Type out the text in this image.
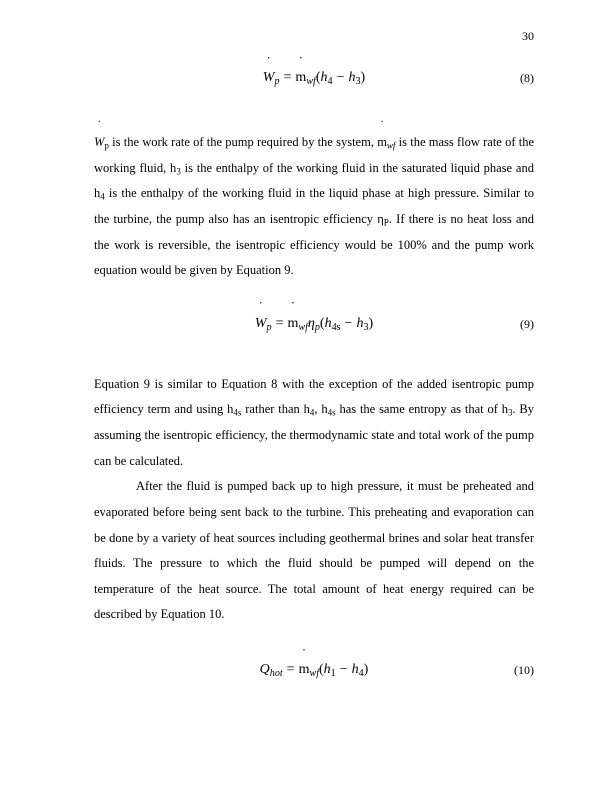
30
W $˙_p = m$ $˙_{wf}(h_4 - h_3)$	(8)

W $˙_p$ is the work rate of the pump required by the system, m $˙_{wf}$ is the mass flow rate of the working fluid, $h_3$ is the enthalpy of the working fluid in the saturated liquid phase and $h_4$ is the enthalpy of the working fluid in the liquid phase at high pressure. Similar to the turbine, the pump also has an isentropic efficiency $\eta_P$. If there is no heat loss and the work is reversible, the isentropic efficiency would be 100% and the pump work equation would be given by Equation 9.

W $˙_p = m$ $˙_{wf}\eta_p(h_{4s} - h_3)$	(9)

Equation 9 is similar to Equation 8 with the exception of the added isentropic pump efficiency term and using $h_{4s}$ rather than $h_4$, $h_{4s}$ has the same entropy as that of $h_3$. By assuming the isentropic efficiency, the thermodynamic state and total work of the pump can be calculated.

After the fluid is pumped back up to high pressure, it must be preheated and evaporated before being sent back to the turbine. This preheating and evaporation can be done by a variety of heat sources including geothermal brines and solar heat transfer fluids. The pressure to which the fluid should be pumped will depend on the temperature of the heat source. The total amount of heat energy required can be described by Equation 10.

$Q_{hot} = m$ $˙_{wf}(h_1 - h_4)$	(10)
